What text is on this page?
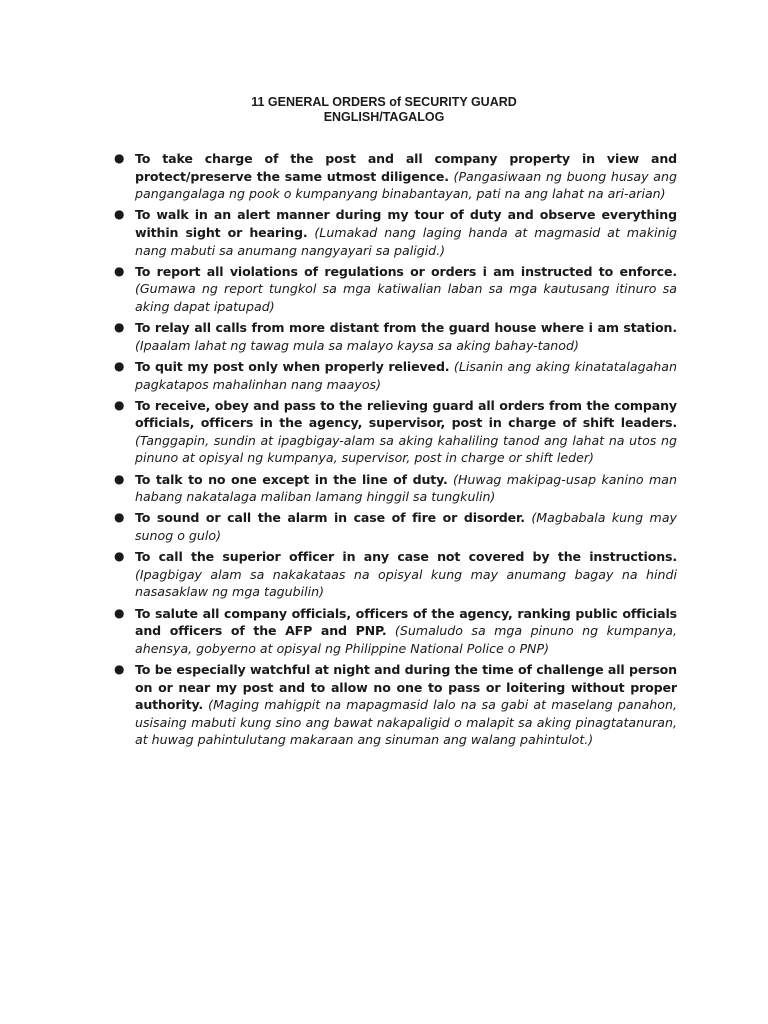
11 GENERAL ORDERS of SECURITY GUARD
ENGLISH/TAGALOG
● To take charge of the post and all company property in view and protect/preserve the same utmost diligence. (Pangasiwaan ng buong husay ang pangangalaga ng pook o kumpanyang binabantayan, pati na ang lahat na ari-arian)
● To walk in an alert manner during my tour of duty and observe everything within sight or hearing. (Lumakad nang laging handa at magmasid at makinig nang mabuti sa anumang nangyayari sa paligid.)
● To report all violations of regulations or orders i am instructed to enforce. (Gumawa ng report tungkol sa mga katiwalian laban sa mga kautusang itinuro sa aking dapat ipatupad)
● To relay all calls from more distant from the guard house where i am station. (Ipaalam lahat ng tawag mula sa malayo kaysa sa aking bahay-tanod)
● To quit my post only when properly relieved. (Lisanin ang aking kinatatalagahan pagkatapos mahalinhan nang maayos)
● To receive, obey and pass to the relieving guard all orders from the company officials, officers in the agency, supervisor, post in charge of shift leaders. (Tanggapin, sundin at ipagbigay-alam sa aking kahaliling tanod ang lahat na utos ng pinuno at opisyal ng kumpanya, supervisor, post in charge or shift leder)
● To talk to no one except in the line of duty. (Huwag makipag-usap kanino man habang nakatalaga maliban lamang hinggil sa tungkulin)
● To sound or call the alarm in case of fire or disorder. (Magbabala kung may sunog o gulo)
● To call the superior officer in any case not covered by the instructions. (Ipagbigay alam sa nakakataas na opisyal kung may anumang bagay na hindi nasasaklaw ng mga tagubilin)
● To salute all company officials, officers of the agency, ranking public officials and officers of the AFP and PNP. (Sumaludo sa mga pinuno ng kumpanya, ahensya, gobyerno at opisyal ng Philippine National Police o PNP)
● To be especially watchful at night and during the time of challenge all person on or near my post and to allow no one to pass or loitering without proper authority. (Maging mahigpit na mapagmasid lalo na sa gabi at maselang panahon, usisaing mabuti kung sino ang bawat nakapaligid o malapit sa aking pinagtatanuran, at huwag pahintulutang makaraan ang sinuman ang walang pahintulot.)
